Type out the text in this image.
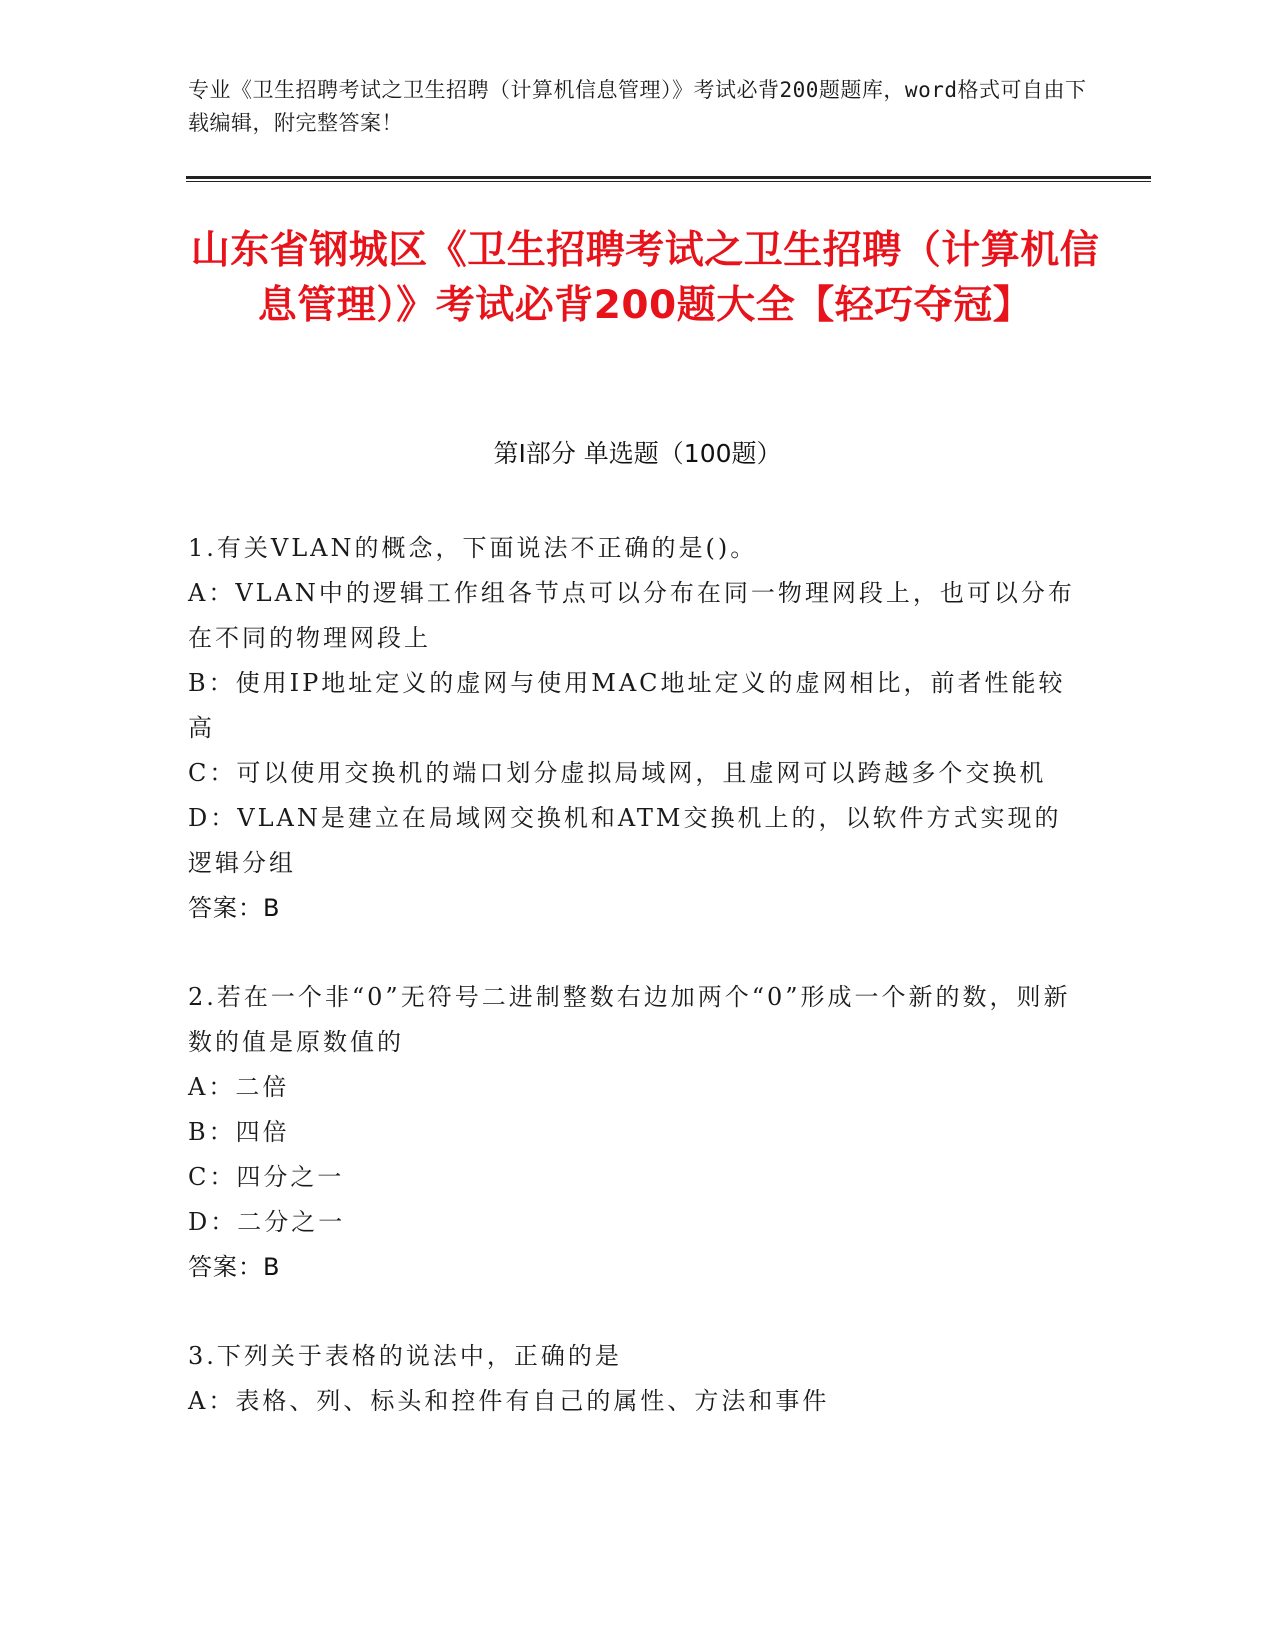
专业《卫生招聘考试之卫生招聘（计算机信息管理）》考试必背200题题库，word格式可自由下载编辑，附完整答案！
山东省钢城区《卫生招聘考试之卫生招聘（计算机信息管理）》考试必背200题大全【轻巧夺冠】
第Ⅰ部分 单选题（100题）
1.有关VLAN的概念，下面说法不正确的是()。
A：VLAN中的逻辑工作组各节点可以分布在同一物理网段上，也可以分布在不同的物理网段上
B：使用IP地址定义的虚网与使用MAC地址定义的虚网相比，前者性能较高
C：可以使用交换机的端口划分虚拟局域网，且虚网可以跨越多个交换机
D：VLAN是建立在局域网交换机和ATM交换机上的，以软件方式实现的逻辑分组
答案：B
2.若在一个非“0”无符号二进制整数右边加两个“0”形成一个新的数，则新数的值是原数值的
A：二倍
B：四倍
C：四分之一
D：二分之一
答案：B
3.下列关于表格的说法中，正确的是
A：表格、列、标头和控件有自己的属性、方法和事件
